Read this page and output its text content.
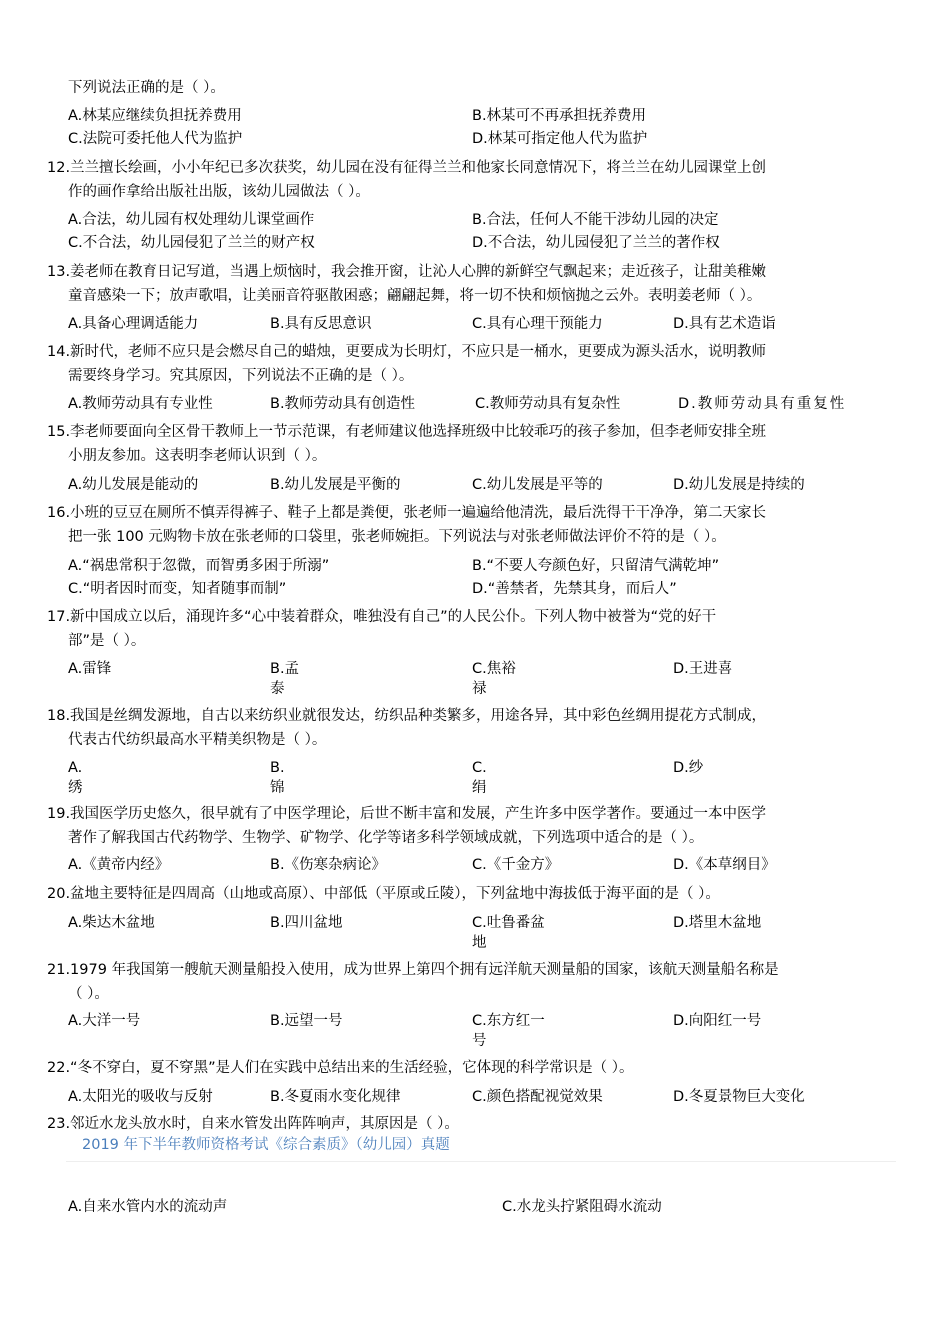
下列说法正确的是（ ）。
A.林某应继续负担抚养费用	B.林某可不再承担抚养费用
C.法院可委托他人代为监护	D.林某可指定他人代为监护
12.兰兰擅长绘画，小小年纪已多次获奖，幼儿园在没有征得兰兰和他家长同意情况下，将兰兰在幼儿园课堂上创
作的画作拿给出版社出版，该幼儿园做法（ ）。
A.合法，幼儿园有权处理幼儿课堂画作	B.合法，任何人不能干涉幼儿园的决定
C.不合法，幼儿园侵犯了兰兰的财产权	D.不合法，幼儿园侵犯了兰兰的著作权
13.姜老师在教育日记写道，当遇上烦恼时，我会推开窗，让沁人心脾的新鲜空气飘起来；走近孩子，让甜美稚嫩
童音感染一下；放声歌唱，让美丽音符驱散困惑；翩翩起舞，将一切不快和烦恼抛之云外。表明姜老师（ ）。
A.具备心理调适能力	B.具有反思意识	C.具有心理干预能力	D.具有艺术造诣
14.新时代，老师不应只是会燃尽自己的蜡烛，更要成为长明灯，不应只是一桶水，更要成为源头活水，说明教师
需要终身学习。究其原因，下列说法不正确的是（ ）。
A.教师劳动具有专业性	B.教师劳动具有创造性	C.教师劳动具有复杂性	D.教师劳动具有重复性
15.李老师要面向全区骨干教师上一节示范课，有老师建议他选择班级中比较乖巧的孩子参加，但李老师安排全班
小朋友参加。这表明李老师认识到（ ）。
A.幼儿发展是能动的	B.幼儿发展是平衡的	C.幼儿发展是平等的	D.幼儿发展是持续的
16.小班的豆豆在厕所不慎弄得裤子、鞋子上都是粪便，张老师一遍遍给他清洗，最后洗得干干净净，第二天家长
把一张 100 元购物卡放在张老师的口袋里，张老师婉拒。下列说法与对张老师做法评价不符的是（ ）。
A.“祸患常积于忽微，而智勇多困于所溺”	B.“不要人夸颜色好，只留清气满乾坤”
C.“明者因时而变，知者随事而制”	D.“善禁者，先禁其身，而后人”
17.新中国成立以后，涌现许多“心中装着群众，唯独没有自己”的人民公仆。下列人物中被誉为“党的好干
部”是（ ）。
A.雷锋	B.孟
泰
C.焦裕
禄
D.王进喜
18.我国是丝绸发源地，自古以来纺织业就很发达，纺织品种类繁多，用途各异，其中彩色丝绸用提花方式制成，
代表古代纺织最高水平精美织物是（ ）。
A.
绣
B.
锦
C.
绢
D.纱
19.我国医学历史悠久，很早就有了中医学理论，后世不断丰富和发展，产生许多中医学著作。要通过一本中医学
著作了解我国古代药物学、生物学、矿物学、化学等诸多科学领域成就，下列选项中适合的是（ ）。
A.《黄帝内经》	B.《伤寒杂病论》	C.《千金方》	D.《本草纲目》
20.盆地主要特征是四周高（山地或高原）、中部低（平原或丘陵），下列盆地中海拔低于海平面的是（ ）。
A.柴达木盆地	B.四川盆地	C.吐鲁番盆
地
D.塔里木盆地
21.1979 年我国第一艘航天测量船投入使用，成为世界上第四个拥有远洋航天测量船的国家，该航天测量船名称是
（ ）。
A.大洋一号	B.远望一号	C.东方红一
号
D.向阳红一号
22.“冬不穿白，夏不穿黑”是人们在实践中总结出来的生活经验，它体现的科学常识是（ ）。
A.太阳光的吸收与反射	B.冬夏雨水变化规律	C.颜色搭配视觉效果	D.冬夏景物巨大变化
23.邻近水龙头放水时，自来水管发出阵阵响声，其原因是（ ）。
2019 年下半年教师资格考试《综合素质》（幼儿园）真题
A.自来水管内水的流动声	C.水龙头拧紧阻碍水流动
